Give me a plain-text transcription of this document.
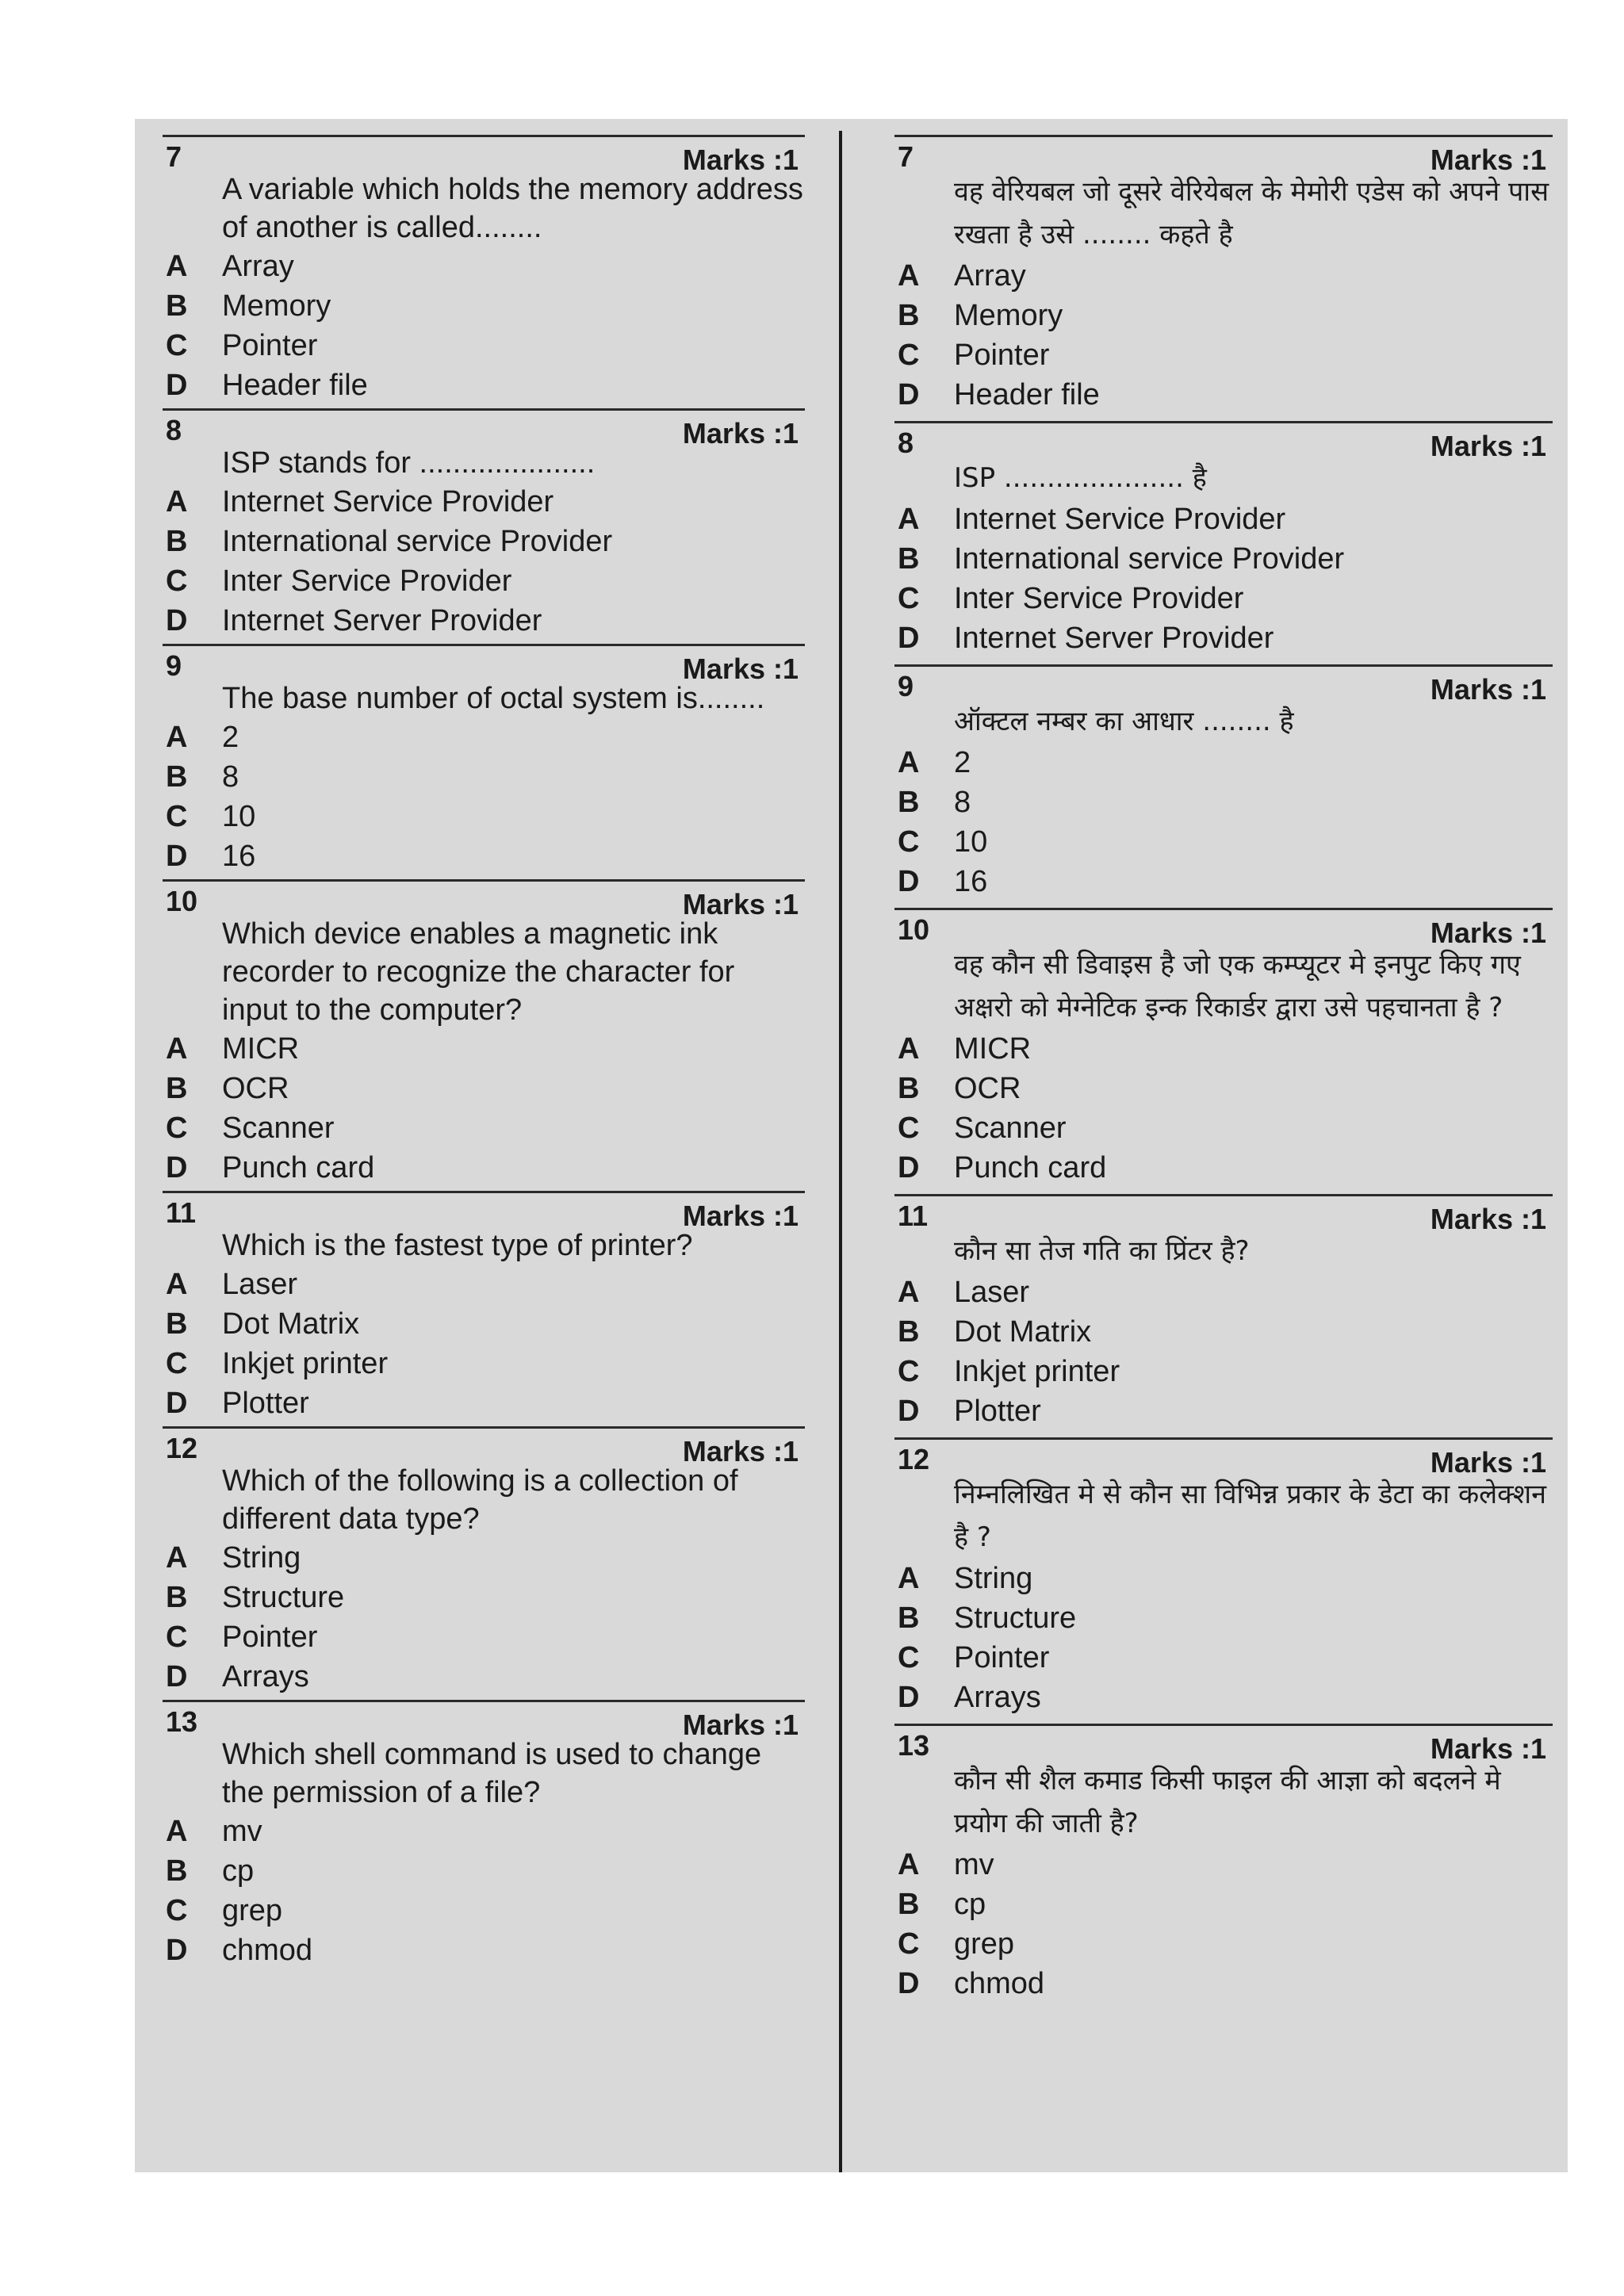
7	Marks :1
A variable which holds the memory address of another is called........
A	Array
B	Memory
C	Pointer
D	Header file
8	Marks :1
ISP stands for .....................
A	Internet Service Provider
B	International service Provider
C	Inter Service Provider
D	Internet Server Provider
9	Marks :1
The base number of octal system is........
A	2
B	8
C	10
D	16
10	Marks :1
Which device enables a magnetic ink recorder to recognize the character for input to the computer?
A	MICR
B	OCR
C	Scanner
D	Punch card
11	Marks :1
Which is the fastest type of printer?
A	Laser
B	Dot Matrix
C	Inkjet printer
D	Plotter
12	Marks :1
Which of the following is a collection of different data type?
A	String
B	Structure
C	Pointer
D	Arrays
13	Marks :1
Which shell command is used to change the permission of a file?
A	mv
B	cp
C	grep
D	chmod
7	Marks :1
वह वेरियबल जो दूसरे वेरियेबल के मेमोरी एडेस को अपने पास रखता है उसे ........ कहते है
A	Array
B	Memory
C	Pointer
D	Header file
8	Marks :1
ISP ..................... है
A	Internet Service Provider
B	International service Provider
C	Inter Service Provider
D	Internet Server Provider
9	Marks :1
ऑक्टल नम्बर का आधार ........ है
A	2
B	8
C	10
D	16
10	Marks :1
वह कौन सी डिवाइस है जो एक कम्प्यूटर मे इनपुट किए गए अक्षरो को मेग्नेटिक इन्क रिकार्डर द्वारा उसे पहचानता है ?
A	MICR
B	OCR
C	Scanner
D	Punch card
11	Marks :1
कौन सा तेज गति का प्रिंटर है?
A	Laser
B	Dot Matrix
C	Inkjet printer
D	Plotter
12	Marks :1
निम्नलिखित मे से कौन सा विभिन्न प्रकार के डेटा का कलेक्शन है ?
A	String
B	Structure
C	Pointer
D	Arrays
13	Marks :1
कौन सी शैल कमाड किसी फाइल की आज्ञा को बदलने मे प्रयोग की जाती है?
A	mv
B	cp
C	grep
D	chmod
